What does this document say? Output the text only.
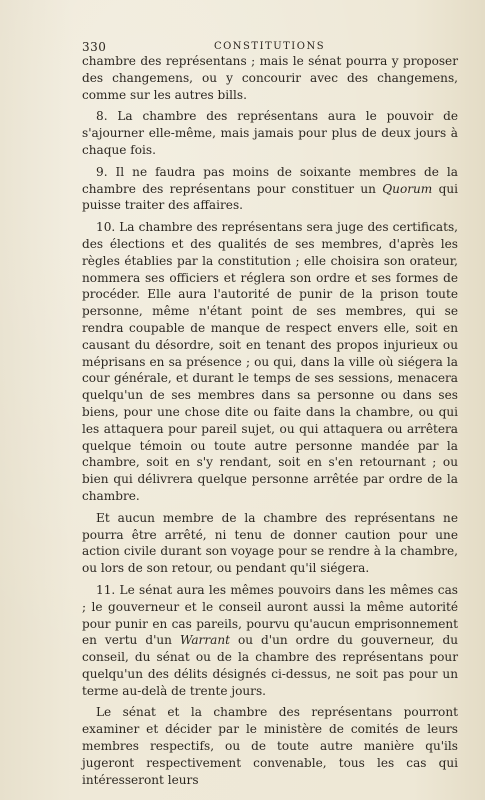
330	CONSTITUTIONS

chambre des représentans ; mais le sénat pourra y proposer des changemens, ou y concourir avec des changemens, comme sur les autres bills.

8. La chambre des représentans aura le pouvoir de s'ajourner elle-même, mais jamais pour plus de deux jours à chaque fois.

9. Il ne faudra pas moins de soixante membres de la chambre des représentans pour constituer un Quorum qui puisse traiter des affaires.

10. La chambre des représentans sera juge des certificats, des élections et des qualités de ses membres, d'après les règles établies par la constitution ; elle choisira son orateur, nommera ses officiers et réglera son ordre et ses formes de procéder. Elle aura l'autorité de punir de la prison toute personne, même n'étant point de ses membres, qui se rendra coupable de manque de respect envers elle, soit en causant du désordre, soit en tenant des propos injurieux ou méprisans en sa présence ; ou qui, dans la ville où siégera la cour générale, et durant le temps de ses sessions, menacera quelqu'un de ses membres dans sa personne ou dans ses biens, pour une chose dite ou faite dans la chambre, ou qui les attaquera pour pareil sujet, ou qui attaquera ou arrêtera quelque témoin ou toute autre personne mandée par la chambre, soit en s'y rendant, soit en s'en retournant ; ou bien qui délivrera quelque personne arrêtée par ordre de la chambre.

Et aucun membre de la chambre des représentans ne pourra être arrêté, ni tenu de donner caution pour une action civile durant son voyage pour se rendre à la chambre, ou lors de son retour, ou pendant qu'il siégera.

11. Le sénat aura les mêmes pouvoirs dans les mêmes cas ; le gouverneur et le conseil auront aussi la même autorité pour punir en cas pareils, pourvu qu'aucun emprisonnement en vertu d'un Warrant ou d'un ordre du gouverneur, du conseil, du sénat ou de la chambre des représentans pour quelqu'un des délits désignés ci-dessus, ne soit pas pour un terme au-delà de trente jours.

Le sénat et la chambre des représentans pourront examiner et décider par le ministère de comités de leurs membres respectifs, ou de toute autre manière qu'ils jugeront respectivement convenable, tous les cas qui intéresseront leurs
